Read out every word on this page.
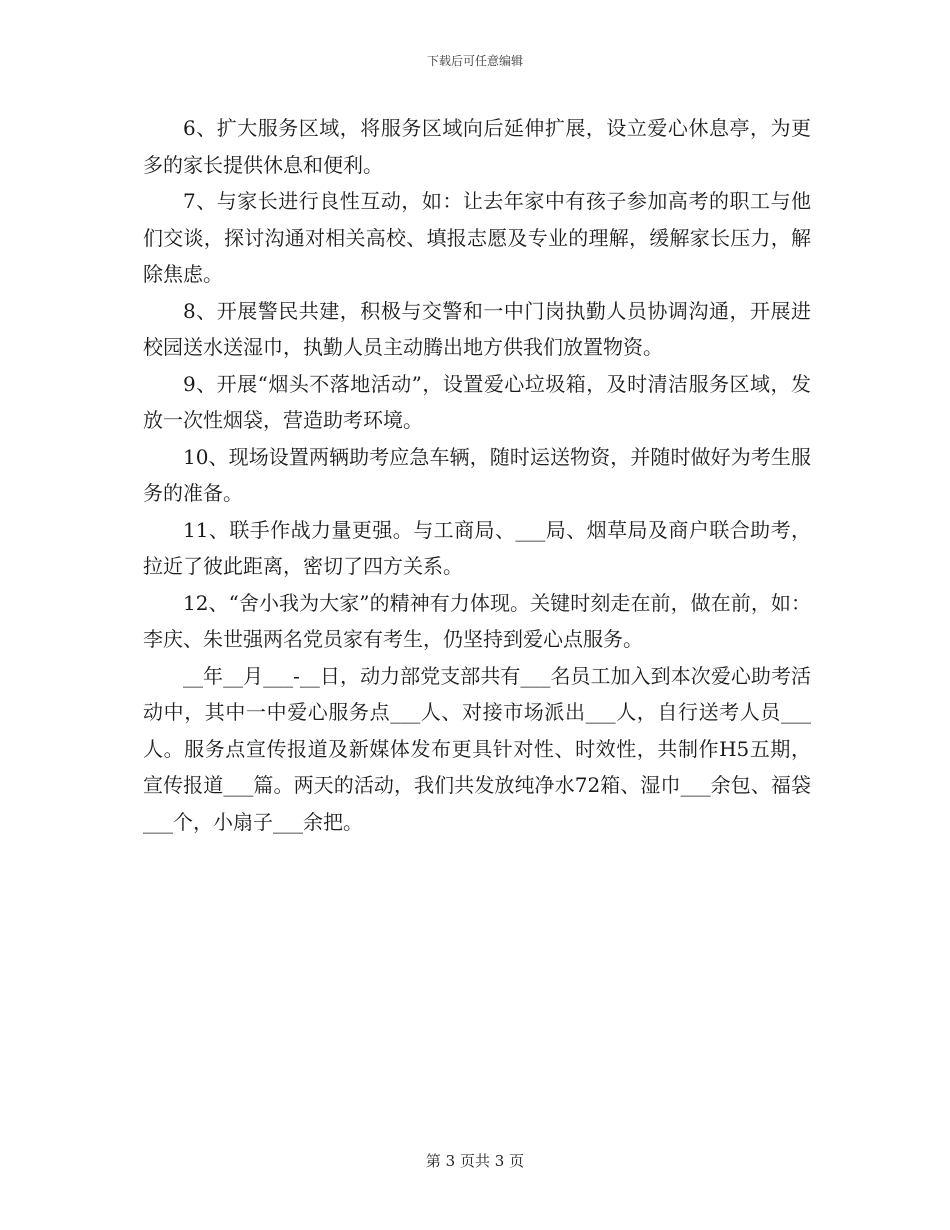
下载后可任意编辑

6、扩大服务区域，将服务区域向后延伸扩展，设立爱心休息亭，为更多的家长提供休息和便利。

7、与家长进行良性互动，如：让去年家中有孩子参加高考的职工与他们交谈，探讨沟通对相关高校、填报志愿及专业的理解，缓解家长压力，解除焦虑。

8、开展警民共建，积极与交警和一中门岗执勤人员协调沟通，开展进校园送水送湿巾，执勤人员主动腾出地方供我们放置物资。

9、开展“烟头不落地活动”，设置爱心垃圾箱，及时清洁服务区域，发放一次性烟袋，营造助考环境。

10、现场设置两辆助考应急车辆，随时运送物资，并随时做好为考生服务的准备。

11、联手作战力量更强。与工商局、___局、烟草局及商户联合助考，拉近了彼此距离，密切了四方关系。

12、“舍小我为大家”的精神有力体现。关键时刻走在前，做在前，如：李庆、朱世强两名党员家有考生，仍坚持到爱心点服务。

__年__月___-__日，动力部党支部共有___名员工加入到本次爱心助考活动中，其中一中爱心服务点___人、对接市场派出___人，自行送考人员___人。服务点宣传报道及新媒体发布更具针对性、时效性，共制作H5五期，宣传报道___篇。两天的活动，我们共发放纯净水72箱、湿巾___余包、福袋___个，小扇子___余把。

第 3 页共 3 页
